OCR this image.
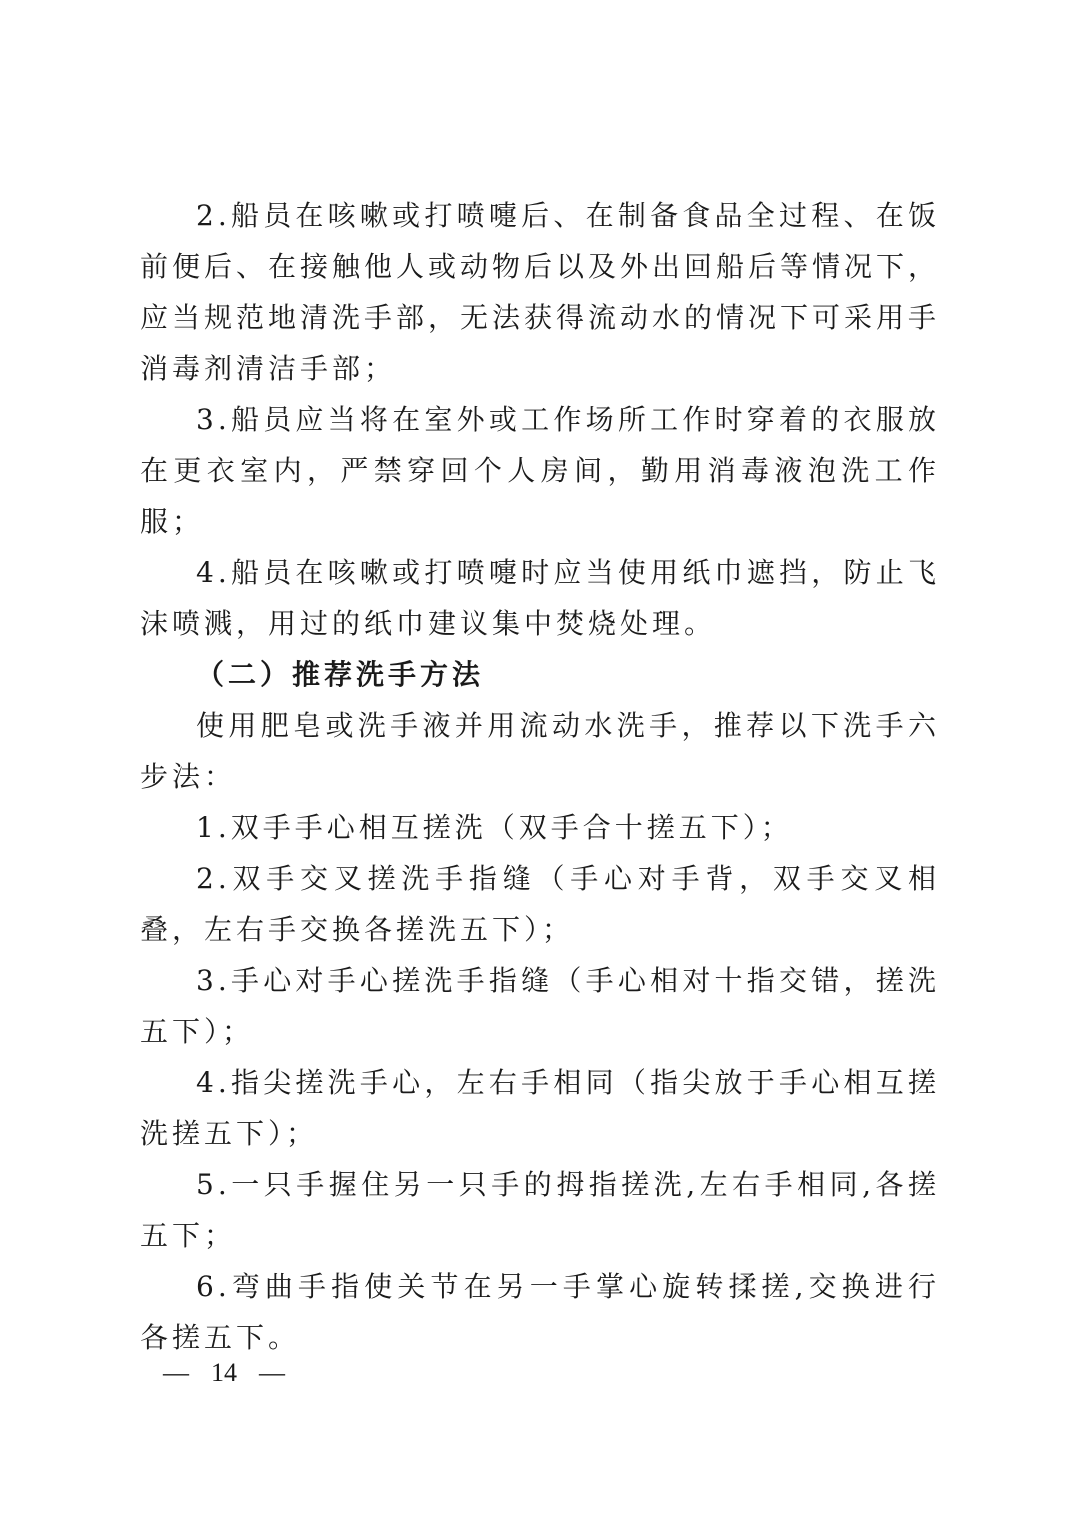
2.船员在咳嗽或打喷嚏后、在制备食品全过程、在饭前便后、在接触他人或动物后以及外出回船后等情况下，应当规范地清洗手部，无法获得流动水的情况下可采用手消毒剂清洁手部；

3.船员应当将在室外或工作场所工作时穿着的衣服放在更衣室内，严禁穿回个人房间，勤用消毒液泡洗工作服；

4.船员在咳嗽或打喷嚏时应当使用纸巾遮挡，防止飞沫喷溅，用过的纸巾建议集中焚烧处理。

（二）推荐洗手方法

使用肥皂或洗手液并用流动水洗手，推荐以下洗手六步法：

1.双手手心相互搓洗（双手合十搓五下）；

2.双手交叉搓洗手指缝（手心对手背，双手交叉相叠，左右手交换各搓洗五下）；

3.手心对手心搓洗手指缝（手心相对十指交错，搓洗五下）；

4.指尖搓洗手心，左右手相同（指尖放于手心相互搓洗搓五下）；

5.一只手握住另一只手的拇指搓洗,左右手相同,各搓五下；

6.弯曲手指使关节在另一手掌心旋转揉搓,交换进行各搓五下。

— 14 —
